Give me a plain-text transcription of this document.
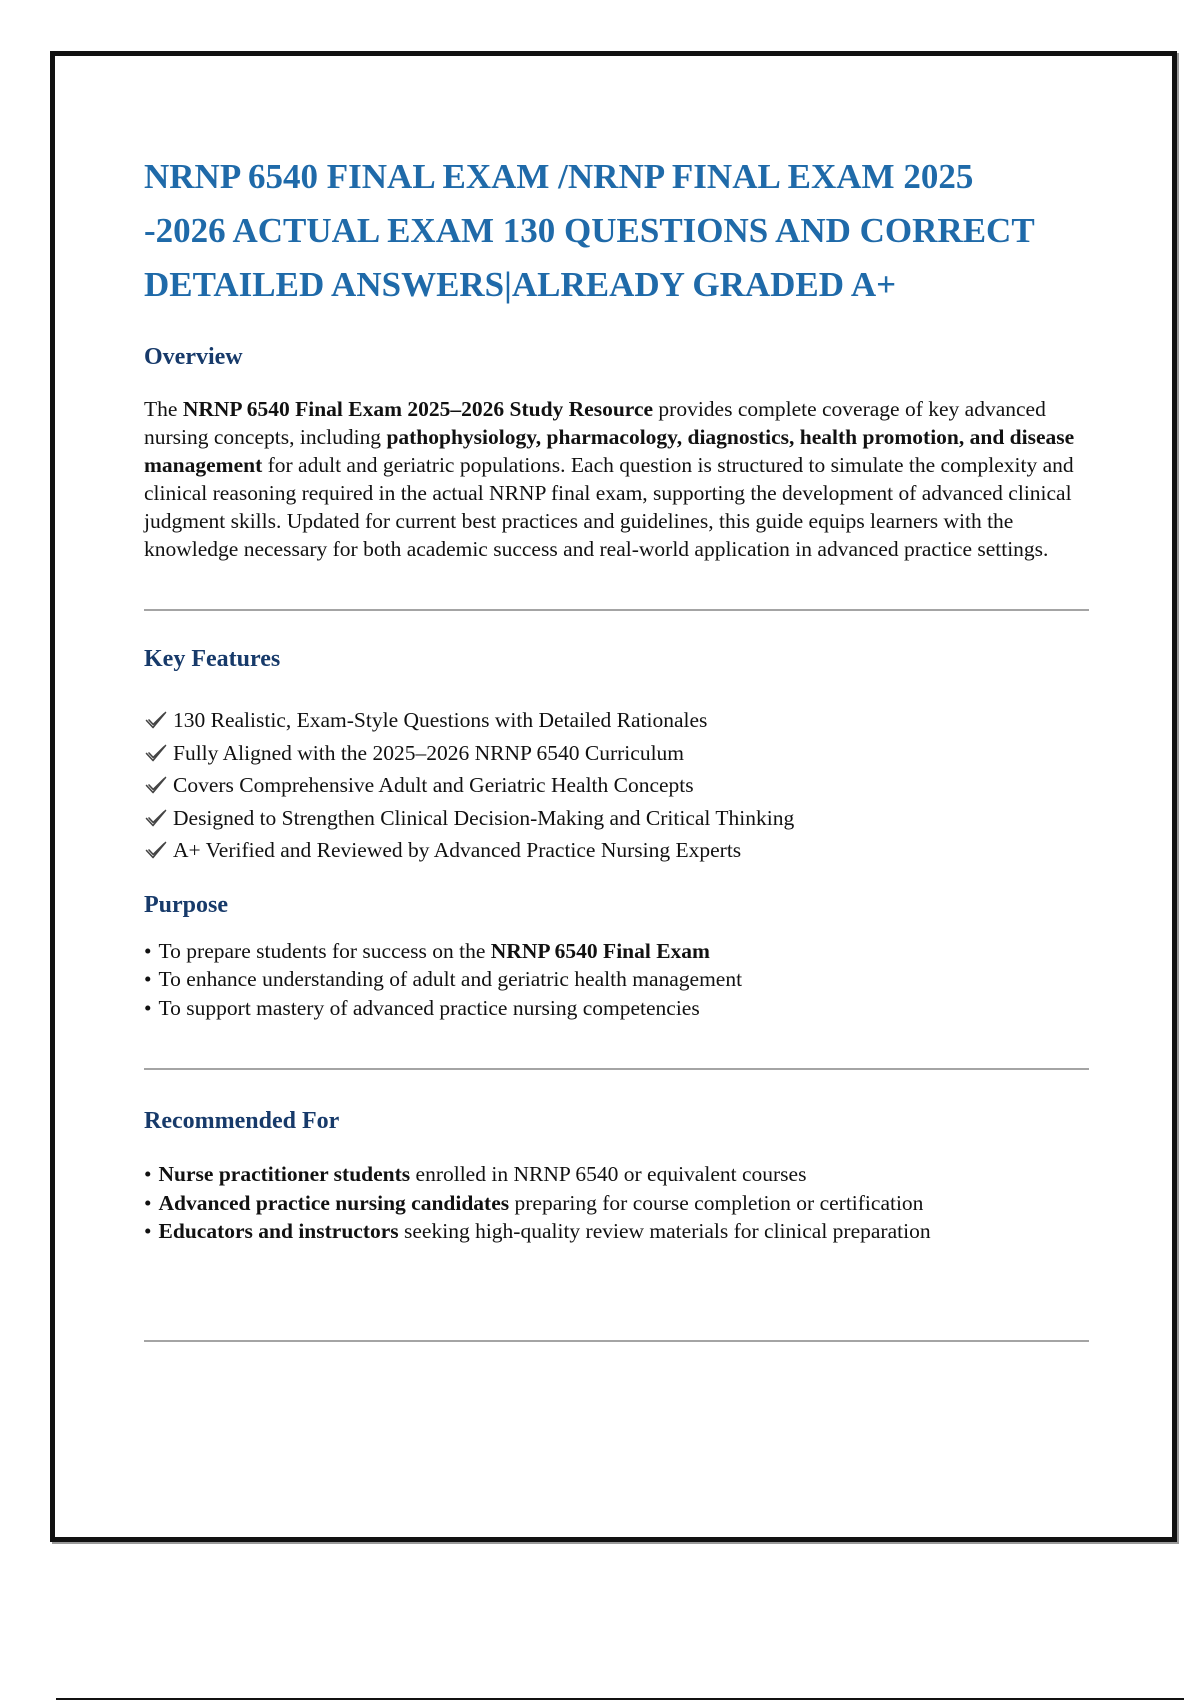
NRNP 6540 FINAL EXAM /NRNP FINAL EXAM 2025
-2026 ACTUAL EXAM 130 QUESTIONS AND CORRECT
DETAILED ANSWERS|ALREADY GRADED A+
Overview

The NRNP 6540 Final Exam 2025–2026 Study Resource provides complete coverage of key advanced nursing concepts, including pathophysiology, pharmacology, diagnostics, health promotion, and disease management for adult and geriatric populations. Each question is structured to simulate the complexity and clinical reasoning required in the actual NRNP final exam, supporting the development of advanced clinical judgment skills. Updated for current best practices and guidelines, this guide equips learners with the knowledge necessary for both academic success and real-world application in advanced practice settings.

Key Features
130 Realistic, Exam-Style Questions with Detailed Rationales
Fully Aligned with the 2025–2026 NRNP 6540 Curriculum
Covers Comprehensive Adult and Geriatric Health Concepts
Designed to Strengthen Clinical Decision-Making and Critical Thinking
A+ Verified and Reviewed by Advanced Practice Nursing Experts
Purpose
• To prepare students for success on the NRNP 6540 Final Exam
• To enhance understanding of adult and geriatric health management
• To support mastery of advanced practice nursing competencies
Recommended For
• Nurse practitioner students enrolled in NRNP 6540 or equivalent courses
• Advanced practice nursing candidates preparing for course completion or certification
• Educators and instructors seeking high-quality review materials for clinical preparation
